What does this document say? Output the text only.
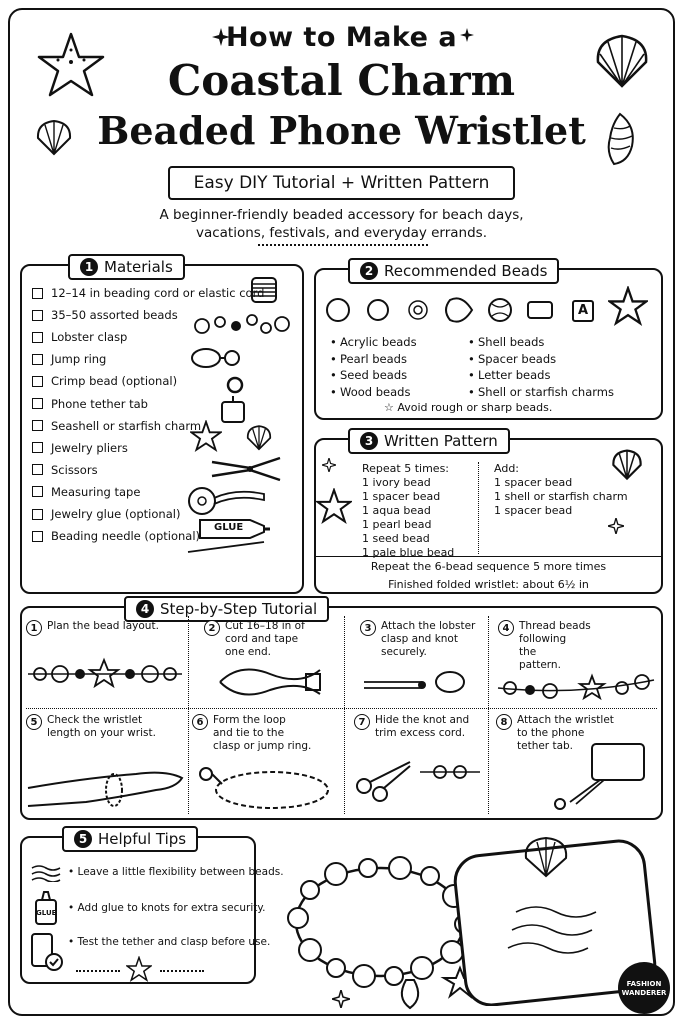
How to Make a
Coastal Charm
Beaded Phone Wristlet
Easy DIY Tutorial + Written Pattern
A beginner-friendly beaded accessory for beach days,
vacations, festivals, and everyday errands.
1 Materials
12–14 in beading cord or elastic cord
35–50 assorted beads
Lobster clasp
Jump ring
Crimp bead (optional)
Phone tether tab
Seashell or starfish charm
Jewelry pliers
Scissors
Measuring tape
Jewelry glue (optional)
Beading needle (optional)
GLUE
2 Recommended Beads
A
• Acrylic beads
• Pearl beads
• Seed beads
• Wood beads
• Shell beads
• Spacer beads
• Letter beads
• Shell or starfish charms
☆ Avoid rough or sharp beads.
3 Written Pattern
Repeat 5 times:
1 ivory bead
1 spacer bead
1 aqua bead
1 pearl bead
1 seed bead
1 pale blue bead
Add:
1 spacer bead
1 shell or starfish charm
1 spacer bead
Repeat the 6-bead sequence 5 more times
Finished folded wristlet: about 6½ in
4 Step-by-Step Tutorial
1 Plan the bead layout.	2 Cut 16–18 in of
cord and tape
one end.
3 Attach the lobster
clasp and knot
securely.
4 Thread beads
following
the
pattern.
5 Check the wristlet
length on your wrist.
6 Form the loop
and tie to the
clasp or jump ring.
7 Hide the knot and
trim excess cord.
8 Attach the wristlet
to the phone
tether tab.
5 Helpful Tips
GLUE
• Leave a little flexibility between beads.
• Add glue to knots for extra security.
• Test the tether and clasp before use.
FASHION
WANDERER
